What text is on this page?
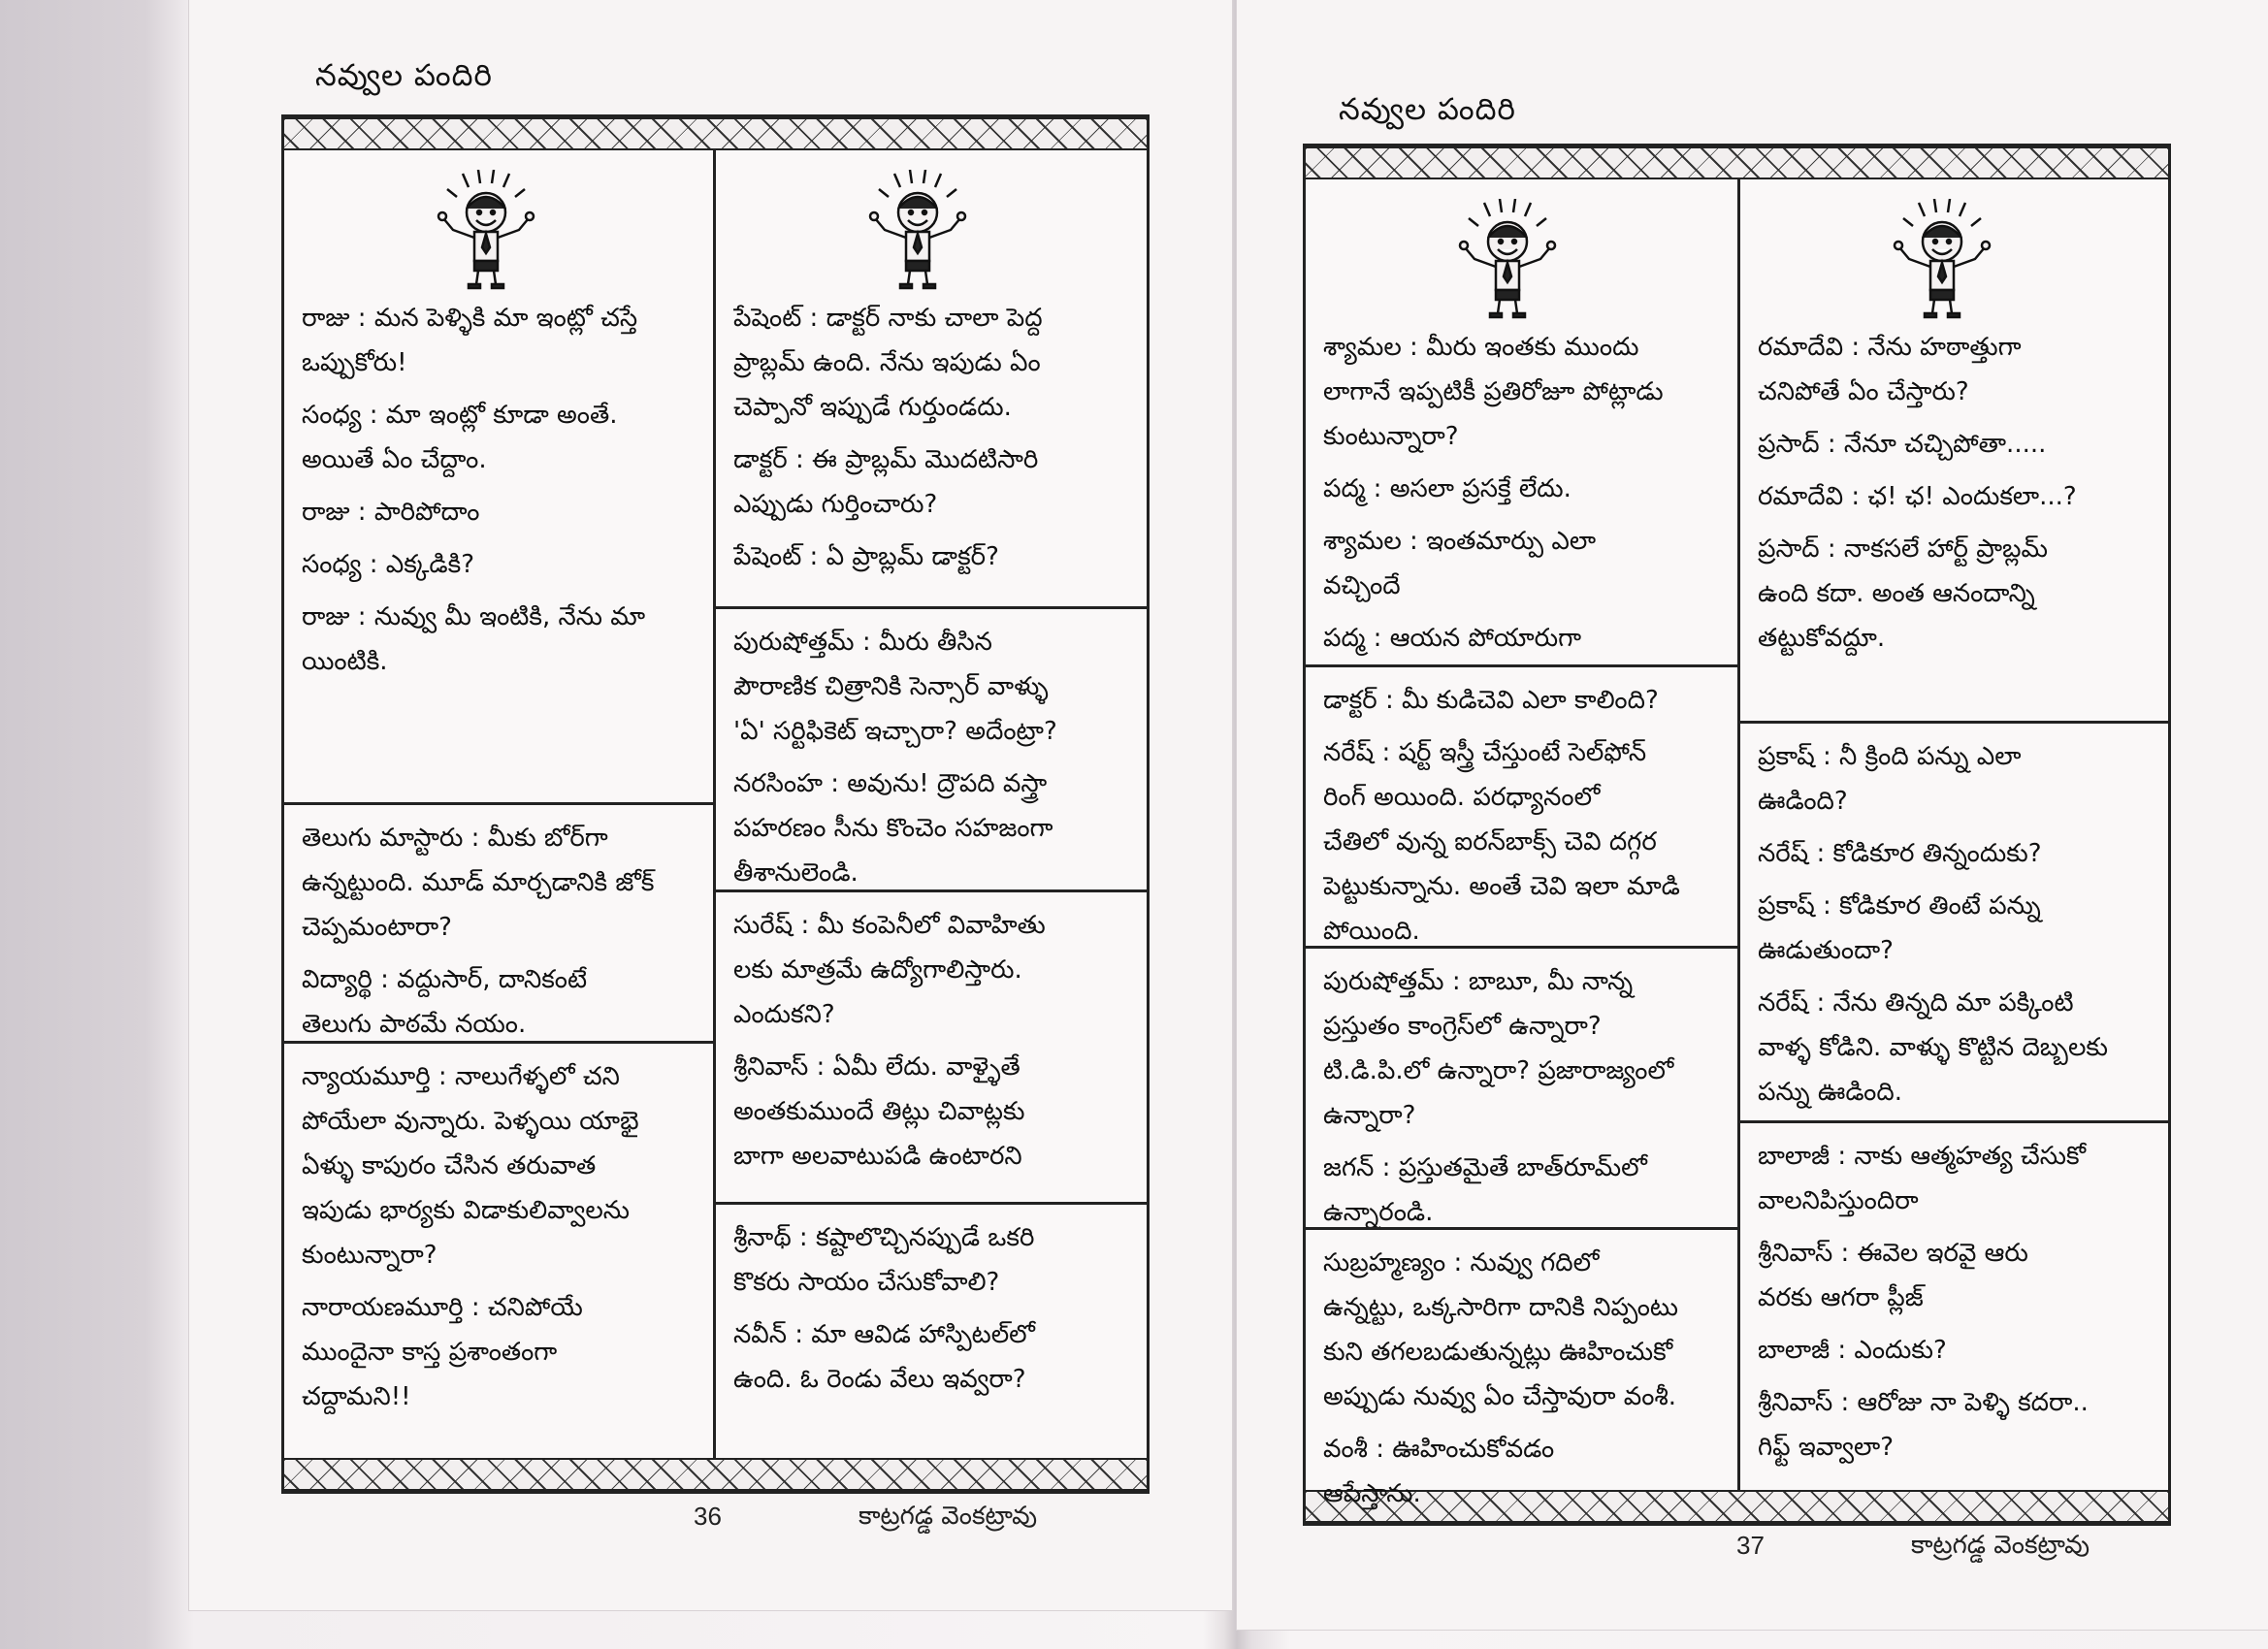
నవ్వుల పందిరి
రాజు : మన పెళ్ళికి మా ఇంట్లో చస్తే
ఒప్పుకోరు!
సంధ్య : మా ఇంట్లో కూడా అంతే.
అయితే ఏం చేద్దాం.
రాజు : పారిపోదాం
సంధ్య : ఎక్కడికి?
రాజు : నువ్వు మీ ఇంటికి, నేను మా
యింటికి.
తెలుగు మాస్టారు : మీకు బోర్‌గా
ఉన్నట్టుంది. మూడ్ మార్చడానికి జోక్
చెప్పమంటారా?
విద్యార్థి : వద్దుసార్, దానికంటే
తెలుగు పాఠమే నయం.
న్యాయమూర్తి : నాలుగేళ్ళలో చని
పోయేలా వున్నారు. పెళ్ళయి యాభై
ఏళ్ళు కాపురం చేసిన తరువాత
ఇపుడు భార్యకు విడాకులివ్వాలను
కుంటున్నారా?
నారాయణమూర్తి : చనిపోయే
ముందైనా కాస్త ప్రశాంతంగా
చద్దామని!!
పేషెంట్ : డాక్టర్ నాకు చాలా పెద్ద
ప్రాబ్లమ్ ఉంది. నేను ఇపుడు ఏం
చెప్పానో ఇప్పుడే గుర్తుండదు.
డాక్టర్ : ఈ ప్రాబ్లమ్ మొదటిసారి
ఎప్పుడు గుర్తించారు?
పేషెంట్ : ఏ ప్రాబ్లమ్ డాక్టర్?
పురుషోత్తమ్ : మీరు తీసిన
పౌరాణిక చిత్రానికి సెన్సార్ వాళ్ళు
'ఏ' సర్టిఫికెట్ ఇచ్చారా? అదేంట్రా?
నరసింహ : అవును! ద్రౌపది వస్త్రా
పహరణం సీను కొంచెం సహజంగా
తీశానులెండి.
సురేష్ : మీ కంపెనీలో వివాహితు
లకు మాత్రమే ఉద్యోగాలిస్తారు.
ఎందుకని?
శ్రీనివాస్ : ఏమీ లేదు. వాళ్ళైతే
అంతకుముందే తిట్లు చివాట్లకు
బాగా అలవాటుపడి ఉంటారని
శ్రీనాథ్ : కష్టాలొచ్చినప్పుడే ఒకరి
కొకరు సాయం చేసుకోవాలి?
నవీన్ : మా ఆవిడ హాస్పిటల్‌లో
ఉంది. ఓ రెండు వేలు ఇవ్వరా?
36	కాట్రగడ్డ వెంకట్రావు
నవ్వుల పందిరి
శ్యామల : మీరు ఇంతకు ముందు
లాగానే ఇప్పటికీ ప్రతిరోజూ పోట్లాడు
కుంటున్నారా?
పద్మ : అసలా ప్రసక్తే లేదు.
శ్యామల : ఇంతమార్పు ఎలా
వచ్చిందే
పద్మ : ఆయన పోయారుగా
డాక్టర్ : మీ కుడిచెవి ఎలా కాలింది?
నరేష్ : షర్ట్ ఇస్త్రీ చేస్తుంటే సెల్‌ఫోన్
రింగ్ అయింది. పరధ్యానంలో
చేతిలో వున్న ఐరన్‌బాక్స్ చెవి దగ్గర
పెట్టుకున్నాను. అంతే చెవి ఇలా మాడి
పోయింది.
పురుషోత్తమ్ : బాబూ, మీ నాన్న
ప్రస్తుతం కాంగ్రెస్‌లో ఉన్నారా?
టి.డి.పి.లో ఉన్నారా? ప్రజారాజ్యంలో
ఉన్నారా?
జగన్ : ప్రస్తుతమైతే బాత్‌రూమ్‌లో
ఉన్నారండి.
సుబ్రహ్మణ్యం : నువ్వు గదిలో
ఉన్నట్టు, ఒక్కసారిగా దానికి నిప్పంటు
కుని తగలబడుతున్నట్లు ఊహించుకో
అప్పుడు నువ్వు ఏం చేస్తావురా వంశీ.
వంశీ : ఊహించుకోవడం
ఆపేస్తాను.
రమాదేవి : నేను హఠాత్తుగా
చనిపోతే ఏం చేస్తారు?
ప్రసాద్ : నేనూ చచ్చిపోతా.....
రమాదేవి : ఛ! ఛ! ఎందుకలా...?
ప్రసాద్ : నాకసలే హార్ట్ ప్రాబ్లమ్
ఉంది కదా. అంత ఆనందాన్ని
తట్టుకోవద్దూ.
ప్రకాష్ : నీ క్రింది పన్ను ఎలా
ఊడింది?
నరేష్ : కోడికూర తిన్నందుకు?
ప్రకాష్ : కోడికూర తింటే పన్ను
ఊడుతుందా?
నరేష్ : నేను తిన్నది మా పక్కింటి
వాళ్ళ కోడిని. వాళ్ళు కొట్టిన దెబ్బలకు
పన్ను ఊడింది.
బాలాజీ : నాకు ఆత్మహత్య చేసుకో
వాలనిపిస్తుందిరా
శ్రీనివాస్ : ఈవెల ఇరవై ఆరు
వరకు ఆగరా ప్లీజ్
బాలాజీ : ఎందుకు?
శ్రీనివాస్ : ఆరోజు నా పెళ్ళి కదరా..
గిఫ్ట్ ఇవ్వాలా?
37	కాట్రగడ్డ వెంకట్రావు
